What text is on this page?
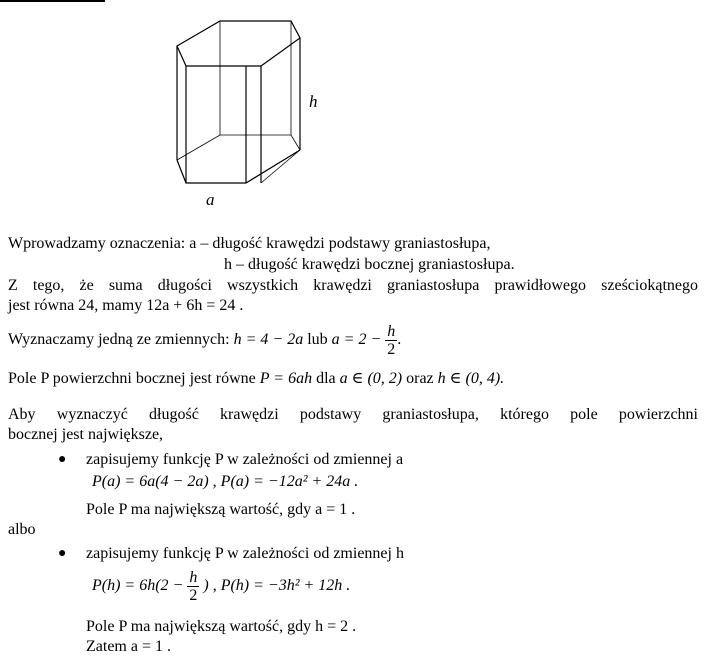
h
a
Wprowadzamy oznaczenia: a – długość krawędzi podstawy graniastosłupa,
h – długość krawędzi bocznej graniastosłupa.
Z tego, że suma długości wszystkich krawędzi graniastosłupa prawidłowego sześciokątnego
jest równa 24, mamy 12a + 6h = 24 .
Wyznaczamy jedną ze zmiennych: h = 4 − 2a lub $a = 2 - \frac{h}{2}$ .
Pole P powierzchni bocznej jest równe P = 6ah dla a ∈ (0, 2) oraz h ∈ (0, 4).
Aby wyznaczyć długość krawędzi podstawy graniastosłupa, którego pole powierzchni
bocznej jest największe,
● zapisujemy funkcję P w zależności od zmiennej a
P(a) = 6a(4 − 2a) , P(a) = −12a² + 24a .
Pole P ma największą wartość, gdy a = 1 .
albo
● zapisujemy funkcję P w zależności od zmiennej h
$P(h) = 6h(2 - \frac{h}{2}$ ) , P(h) = −3h² + 12h .
Pole P ma największą wartość, gdy h = 2 .
Zatem a = 1 .
